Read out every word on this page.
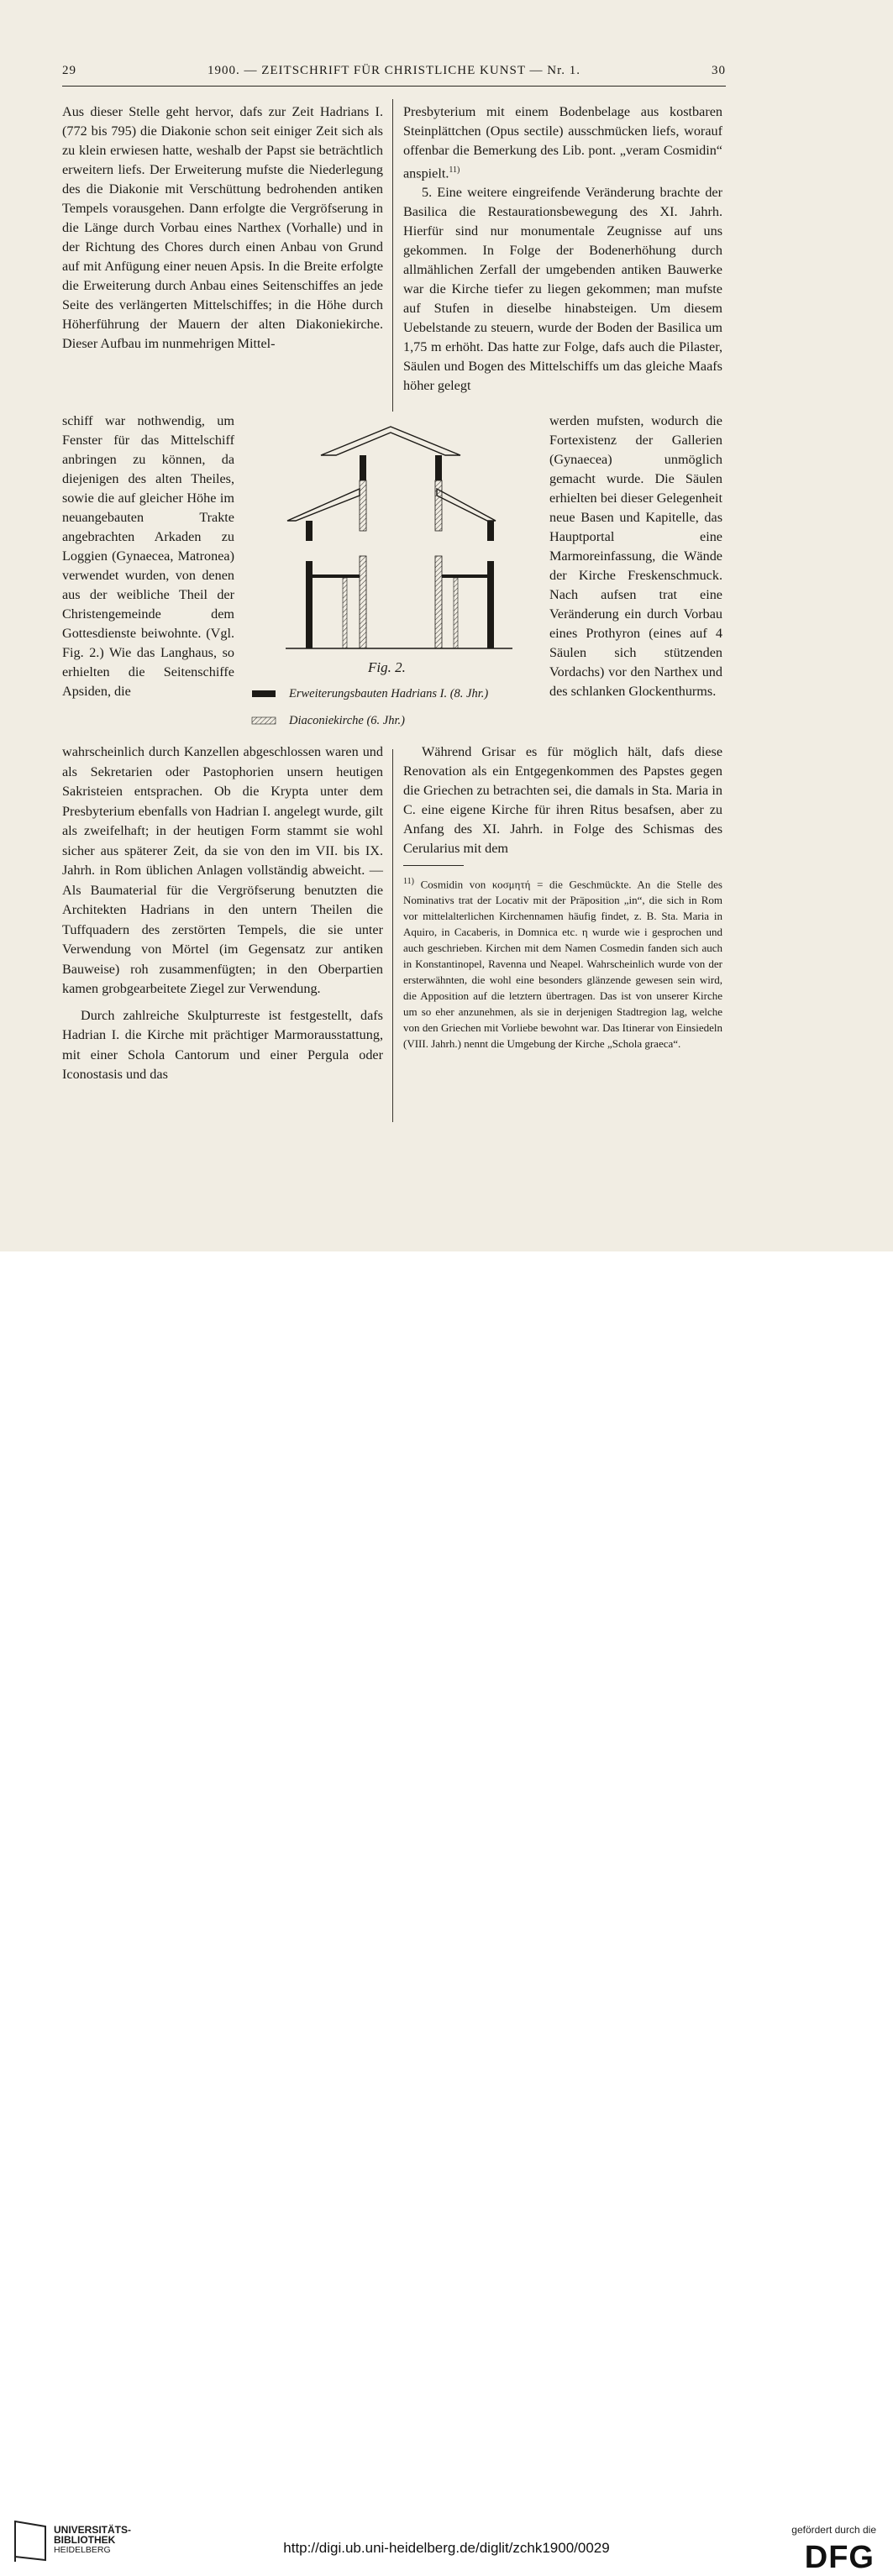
29	1900. — ZEITSCHRIFT FÜR CHRISTLICHE KUNST — Nr. 1.	30

Aus dieser Stelle geht hervor, dafs zur Zeit Hadrians I. (772 bis 795) die Diakonie schon seit einiger Zeit sich als zu klein erwiesen hatte, weshalb der Papst sie beträchtlich erweitern liefs. Der Erweiterung mufste die Niederlegung des die Diakonie mit Verschüttung bedrohenden antiken Tempels vorausgehen. Dann erfolgte die Vergröfserung in die Länge durch Vorbau eines Narthex (Vorhalle) und in der Richtung des Chores durch einen Anbau von Grund auf mit Anfügung einer neuen Apsis. In die Breite erfolgte die Erweiterung durch Anbau eines Seitenschiffes an jede Seite des verlängerten Mittelschiffes; in die Höhe durch Höherführung der Mauern der alten Diakoniekirche. Dieser Aufbau im nunmehrigen Mittel-

schiff war nothwendig, um Fenster für das Mittelschiff anbringen zu können, da diejenigen des alten Theiles, sowie die auf gleicher Höhe im neuangebauten Trakte angebrachten Arkaden zu Loggien (Gynaecea, Matronea) verwendet wurden, von denen aus der weibliche Theil der Christengemeinde dem Gottesdienste beiwohnte. (Vgl. Fig. 2.) Wie das Langhaus, so erhielten die Seitenschiffe Apsiden, die

wahrscheinlich durch Kanzellen abgeschlossen waren und als Sekretarien oder Pastophorien unsern heutigen Sakristeien entsprachen. Ob die Krypta unter dem Presbyterium ebenfalls von Hadrian I. angelegt wurde, gilt als zweifelhaft; in der heutigen Form stammt sie wohl sicher aus späterer Zeit, da sie von den im VII. bis IX. Jahrh. in Rom üblichen Anlagen vollständig abweicht. — Als Baumaterial für die Vergröfserung benutzten die Architekten Hadrians in den untern Theilen die Tuffquadern des zerstörten Tempels, die sie unter Verwendung von Mörtel (im Gegensatz zur antiken Bauweise) roh zusammenfügten; in den Oberpartien kamen grobgearbeitete Ziegel zur Verwendung.

Durch zahlreiche Skulpturreste ist festgestellt, dafs Hadrian I. die Kirche mit prächtiger Marmorausstattung, mit einer Schola Cantorum und einer Pergula oder Iconostasis und das

Presbyterium mit einem Bodenbelage aus kostbaren Steinplättchen (Opus sectile) ausschmücken liefs, worauf offenbar die Bemerkung des Lib. pont. „veram Cosmidin“ anspielt.$^{11)}$

5. Eine weitere eingreifende Veränderung brachte der Basilica die Restaurationsbewegung des XI. Jahrh. Hierfür sind nur monumentale Zeugnisse auf uns gekommen. In Folge der Bodenerhöhung durch allmählichen Zerfall der umgebenden antiken Bauwerke war die Kirche tiefer zu liegen gekommen; man mufste auf Stufen in dieselbe hinabsteigen. Um diesem Uebelstande zu steuern, wurde der Boden der Basilica um 1,75 m erhöht. Das hatte zur Folge, dafs auch die Pilaster, Säulen und Bogen des Mittelschiffs um das gleiche Maafs höher gelegt

werden mufsten, wodurch die Fortexistenz der Gallerien (Gynaecea) unmöglich gemacht wurde. Die Säulen erhielten bei dieser Gelegenheit neue Basen und Kapitelle, das Hauptportal eine Marmoreinfassung, die Wände der Kirche Freskenschmuck. Nach aufsen trat eine Veränderung ein durch Vorbau eines Prothyron (eines auf 4 Säulen sich stützenden Vordachs) vor den Narthex und des schlanken Glockenthurms.

Während Grisar es für möglich hält, dafs diese Renovation als ein Entgegenkommen des Papstes gegen die Griechen zu betrachten sei, die damals in Sta. Maria in C. eine eigene Kirche für ihren Ritus besafsen, aber zu Anfang des XI. Jahrh. in Folge des Schismas des Cerularius mit dem

$^{11)}$ Cosmidin von κοσμητή = die Geschmückte. An die Stelle des Nominativs trat der Locativ mit der Präposition „in“, die sich in Rom vor mittelalterlichen Kirchennamen häufig findet, z. B. Sta. Maria in Aquiro, in Cacaberis, in Domnica etc. η wurde wie i gesprochen und auch geschrieben. Kirchen mit dem Namen Cosmedin fanden sich auch in Konstantinopel, Ravenna und Neapel. Wahrscheinlich wurde von der ersterwähnten, die wohl eine besonders glänzende gewesen sein wird, die Apposition auf die letztern übertragen. Das ist von unserer Kirche um so eher anzunehmen, als sie in derjenigen Stadtregion lag, welche von den Griechen mit Vorliebe bewohnt war. Das Itinerar von Einsiedeln (VIII. Jahrh.) nennt die Umgebung der Kirche „Schola graeca“.

Fig. 2.
Erweiterungsbauten Hadrians I. (8. Jhr.)
Diaconiekirche (6. Jhr.)
UNIVERSITÄTS-
BIBLIOTHEK
HEIDELBERG	http://digi.ub.uni-heidelberg.de/diglit/zchk1900/0029
gefördert durch die
DFG
